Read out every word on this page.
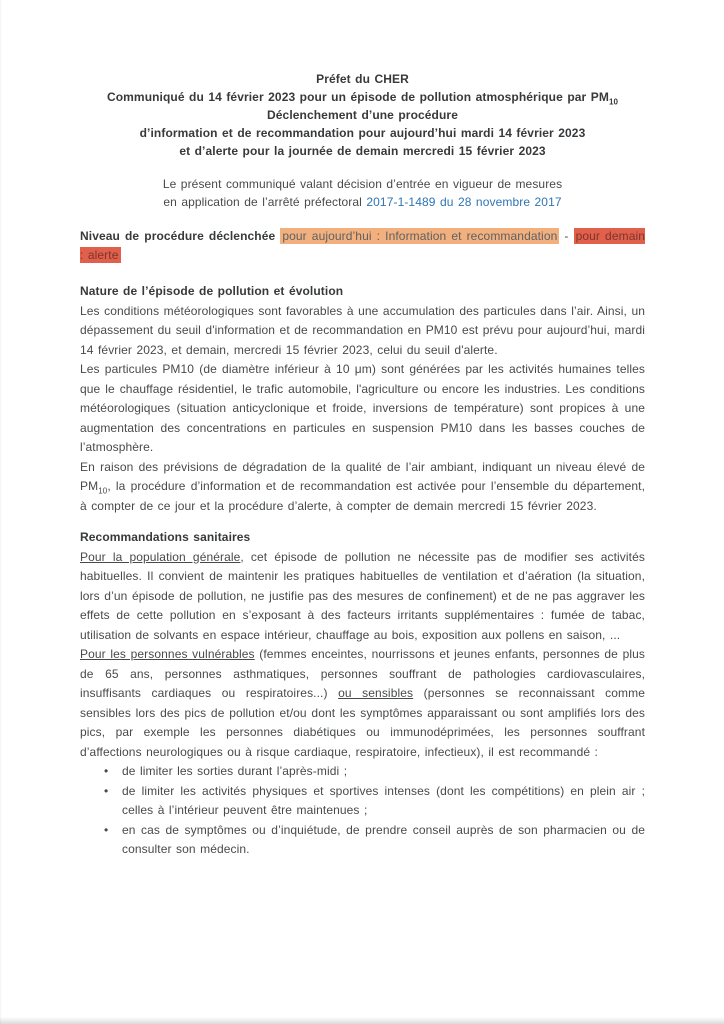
Préfet du CHER
Communiqué du 14 février 2023 pour un épisode de pollution atmosphérique par $PM_{10}$
Déclenchement d’une procédure
d’information et de recommandation pour aujourd’hui mardi 14 février 2023
et d’alerte pour la journée de demain mercredi 15 février 2023
Le présent communiqué valant décision d’entrée en vigueur de mesures
en application de l’arrêté préfectoral 2017-1-1489 du 28 novembre 2017
Niveau de procédure déclenchée pour aujourd’hui : Information et recommandation - pour demain : alerte
Nature de l’épisode de pollution et évolution

Les conditions météorologiques sont favorables à une accumulation des particules dans l’air. Ainsi, un dépassement du seuil d'information et de recommandation en PM10 est prévu pour aujourd’hui, mardi 14 février 2023, et demain, mercredi 15 février 2023, celui du seuil d'alerte.

Les particules PM10 (de diamètre inférieur à 10 μm) sont générées par les activités humaines telles que le chauffage résidentiel, le trafic automobile, l'agriculture ou encore les industries. Les conditions météorologiques (situation anticyclonique et froide, inversions de température) sont propices à une augmentation des concentrations en particules en suspension PM10 dans les basses couches de l’atmosphère.

En raison des prévisions de dégradation de la qualité de l’air ambiant, indiquant un niveau élevé de $PM_{10}$, la procédure d’information et de recommandation est activée pour l’ensemble du département, à compter de ce jour et la procédure d’alerte, à compter de demain mercredi 15 février 2023.

Recommandations sanitaires

Pour la population générale, cet épisode de pollution ne nécessite pas de modifier ses activités habituelles. Il convient de maintenir les pratiques habituelles de ventilation et d’aération (la situation, lors d’un épisode de pollution, ne justifie pas des mesures de confinement) et de ne pas aggraver les effets de cette pollution en s’exposant à des facteurs irritants supplémentaires : fumée de tabac, utilisation de solvants en espace intérieur, chauffage au bois, exposition aux pollens en saison, ...

Pour les personnes vulnérables (femmes enceintes, nourrissons et jeunes enfants, personnes de plus de 65 ans, personnes asthmatiques, personnes souffrant de pathologies cardiovasculaires, insuffisants cardiaques ou respiratoires...) ou sensibles (personnes se reconnaissant comme sensibles lors des pics de pollution et/ou dont les symptômes apparaissant ou sont amplifiés lors des pics, par exemple les personnes diabétiques ou immunodéprimées, les personnes souffrant d’affections neurologiques ou à risque cardiaque, respiratoire, infectieux), il est recommandé :

•	de limiter les sorties durant l’après-midi ;
•	de limiter les activités physiques et sportives intenses (dont les compétitions) en plein air ; celles à l’intérieur peuvent être maintenues ;
•	en cas de symptômes ou d’inquiétude, de prendre conseil auprès de son pharmacien ou de consulter son médecin.
